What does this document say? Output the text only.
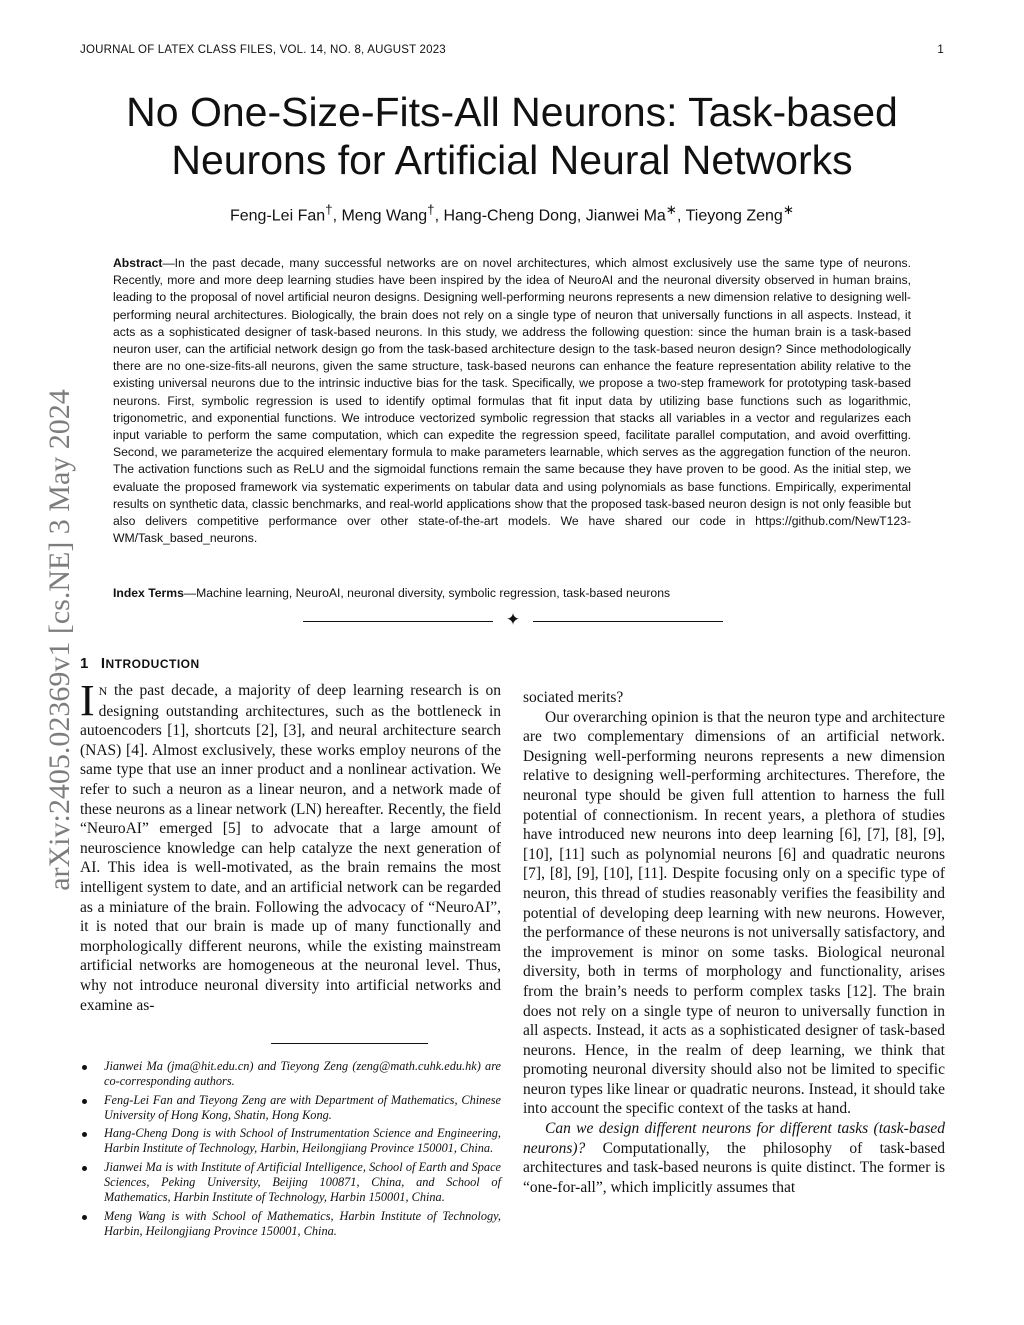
JOURNAL OF LATEX CLASS FILES, VOL. 14, NO. 8, AUGUST 2023	1
arXiv:2405.02369v1 [cs.NE] 3 May 2024
No One-Size-Fits-All Neurons: Task-based
Neurons for Artificial Neural Networks
Feng-Lei Fan†, Meng Wang†, Hang-Cheng Dong, Jianwei Ma∗, Tieyong Zeng∗
Abstract—In the past decade, many successful networks are on novel architectures, which almost exclusively use the same type of neurons. Recently, more and more deep learning studies have been inspired by the idea of NeuroAI and the neuronal diversity observed in human brains, leading to the proposal of novel artificial neuron designs. Designing well-performing neurons represents a new dimension relative to designing well-performing neural architectures. Biologically, the brain does not rely on a single type of neuron that universally functions in all aspects. Instead, it acts as a sophisticated designer of task-based neurons. In this study, we address the following question: since the human brain is a task-based neuron user, can the artificial network design go from the task-based architecture design to the task-based neuron design? Since methodologically there are no one-size-fits-all neurons, given the same structure, task-based neurons can enhance the feature representation ability relative to the existing universal neurons due to the intrinsic inductive bias for the task. Specifically, we propose a two-step framework for prototyping task-based neurons. First, symbolic regression is used to identify optimal formulas that fit input data by utilizing base functions such as logarithmic, trigonometric, and exponential functions. We introduce vectorized symbolic regression that stacks all variables in a vector and regularizes each input variable to perform the same computation, which can expedite the regression speed, facilitate parallel computation, and avoid overfitting. Second, we parameterize the acquired elementary formula to make parameters learnable, which serves as the aggregation function of the neuron. The activation functions such as ReLU and the sigmoidal functions remain the same because they have proven to be good. As the initial step, we evaluate the proposed framework via systematic experiments on tabular data and using polynomials as base functions. Empirically, experimental results on synthetic data, classic benchmarks, and real-world applications show that the proposed task-based neuron design is not only feasible but also delivers competitive performance over other state-of-the-art models. We have shared our code in https://github.com/NewT123-WM/Task_based_neurons.
Index Terms—Machine learning, NeuroAI, neuronal diversity, symbolic regression, task-based neurons
✦
1 INTRODUCTION

I N the past decade, a majority of deep learning research is on designing outstanding architectures, such as the bottleneck in autoencoders [1], shortcuts [2], [3], and neural architecture search (NAS) [4]. Almost exclusively, these works employ neurons of the same type that use an inner product and a nonlinear activation. We refer to such a neuron as a linear neuron, and a network made of these neurons as a linear network (LN) hereafter. Recently, the field “NeuroAI” emerged [5] to advocate that a large amount of neuroscience knowledge can help catalyze the next generation of AI. This idea is well-motivated, as the brain remains the most intelligent system to date, and an artificial network can be regarded as a miniature of the brain. Following the advocacy of “NeuroAI”, it is noted that our brain is made up of many functionally and morphologically different neurons, while the existing mainstream artificial networks are homogeneous at the neuronal level. Thus, why not introduce neuronal diversity into artificial networks and examine as-

Jianwei Ma (jma@hit.edu.cn) and Tieyong Zeng (zeng@math.cuhk.edu.hk) are co-corresponding authors.
Feng-Lei Fan and Tieyong Zeng are with Department of Mathematics, Chinese University of Hong Kong, Shatin, Hong Kong.
Hang-Cheng Dong is with School of Instrumentation Science and Engineering, Harbin Institute of Technology, Harbin, Heilongjiang Province 150001, China.
Jianwei Ma is with Institute of Artificial Intelligence, School of Earth and Space Sciences, Peking University, Beijing 100871, China, and School of Mathematics, Harbin Institute of Technology, Harbin 150001, China.
Meng Wang is with School of Mathematics, Harbin Institute of Technology, Harbin, Heilongjiang Province 150001, China.

sociated merits?

Our overarching opinion is that the neuron type and architecture are two complementary dimensions of an artificial network. Designing well-performing neurons represents a new dimension relative to designing well-performing architectures. Therefore, the neuronal type should be given full attention to harness the full potential of connectionism. In recent years, a plethora of studies have introduced new neurons into deep learning [6], [7], [8], [9], [10], [11] such as polynomial neurons [6] and quadratic neurons [7], [8], [9], [10], [11]. Despite focusing only on a specific type of neuron, this thread of studies reasonably verifies the feasibility and potential of developing deep learning with new neurons. However, the performance of these neurons is not universally satisfactory, and the improvement is minor on some tasks. Biological neuronal diversity, both in terms of morphology and functionality, arises from the brain’s needs to perform complex tasks [12]. The brain does not rely on a single type of neuron to universally function in all aspects. Instead, it acts as a sophisticated designer of task-based neurons. Hence, in the realm of deep learning, we think that promoting neuronal diversity should also not be limited to specific neuron types like linear or quadratic neurons. Instead, it should take into account the specific context of the tasks at hand.

Can we design different neurons for different tasks (task-based neurons)? Computationally, the philosophy of task-based architectures and task-based neurons is quite distinct. The former is “one-for-all”, which implicitly assumes that
